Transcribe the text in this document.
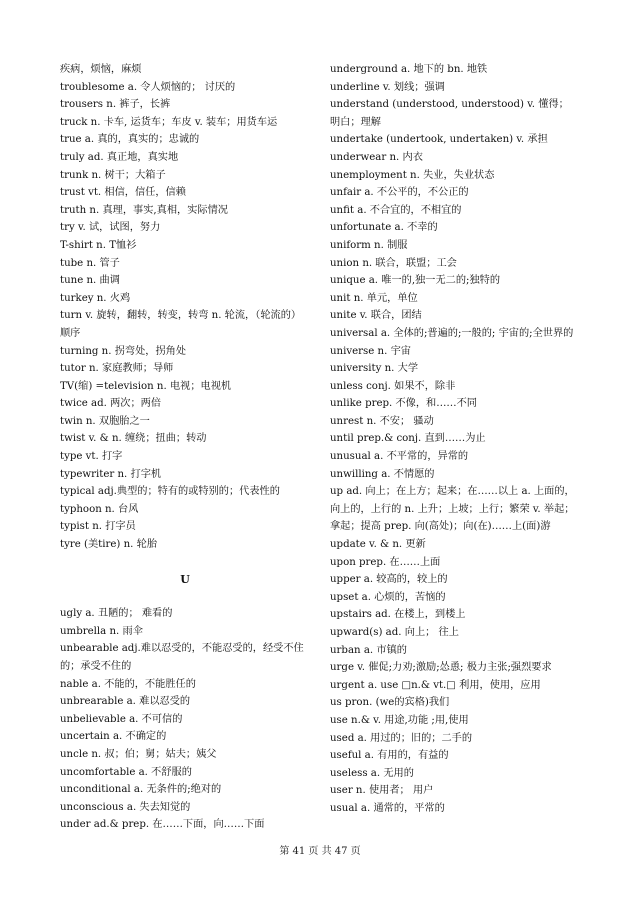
疾病，烦恼，麻烦
troublesome a. 令人烦恼的； 讨厌的
trousers n. 裤子，长裤
truck n. 卡车, 运货车；车皮 v. 装车；用货车运
true a. 真的，真实的；忠诚的
truly ad. 真正地，真实地
trunk n. 树干；大箱子
trust vt. 相信，信任，信赖
truth n. 真理，事实,真相，实际情况
try v. 试，试图，努力
T-shirt n. T恤衫
tube n. 管子
tune n. 曲调
turkey n. 火鸡
turn v. 旋转，翻转，转变，转弯 n. 轮流，（轮流的）顺序
turning n. 拐弯处，拐角处
tutor n. 家庭教师；导师
TV(缩) =television n. 电视；电视机
twice ad. 两次；两倍
twin n. 双胞胎之一
twist v. & n. 缠绕；扭曲；转动
type vt. 打字
typewriter n. 打字机
typical adj.典型的；特有的或特别的；代表性的
typhoon n. 台风
typist n. 打字员
tyre (美tire) n. 轮胎
U
ugly a. 丑陋的； 难看的
umbrella n. 雨伞
unbearable adj.难以忍受的，不能忍受的，经受不住的；承受不住的
nable a. 不能的，不能胜任的
unbrearable a. 难以忍受的
unbelievable a. 不可信的
uncertain a. 不确定的
uncle n. 叔；伯；舅；姑夫；姨父
uncomfortable a. 不舒服的
unconditional a. 无条件的;绝对的
unconscious a. 失去知觉的
under ad.& prep. 在……下面，向……下面
underground a. 地下的 bn. 地铁
underline v. 划线；强调
understand (understood, understood) v. 懂得；明白；理解
undertake (undertook, undertaken) v. 承担
underwear n. 内衣
unemployment n. 失业，失业状态
unfair a. 不公平的，不公正的
unfit a. 不合宜的，不相宜的
unfortunate a. 不幸的
uniform n. 制服
union n. 联合，联盟；工会
unique a. 唯一的,独一无二的;独特的
unit n. 单元，单位
unite v. 联合，团结
universal a. 全体的;普遍的;一般的; 宇宙的;全世界的
universe n. 宇宙
university n. 大学
unless conj. 如果不，除非
unlike prep. 不像，和……不同
unrest n. 不安； 骚动
until prep.& conj. 直到……为止
unusual a. 不平常的，异常的
unwilling a. 不情愿的
up ad. 向上；在上方；起来；在……以上 a. 上面的，向上的，上行的 n. 上升；上坡；上行；繁荣 v. 举起；拿起；提高 prep. 向(高处)；向(在)……上(面)游
update v. & n. 更新
upon prep. 在……上面
upper a. 较高的，较上的
upset a. 心烦的，苦恼的
upstairs ad. 在楼上，到楼上
upward(s) ad. 向上； 往上
urban a. 市镇的
urge v. 催促;力劝;激励;怂恿; 极力主张;强烈要求
urgent a. use □n.& vt.□ 利用，使用，应用
us pron. (we的宾格)我们
use n.& v. 用途,功能 ;用,使用
used a. 用过的；旧的；二手的
useful a. 有用的，有益的
useless a. 无用的
user n. 使用者； 用户
usual a. 通常的，平常的
第 41 页 共 47 页
